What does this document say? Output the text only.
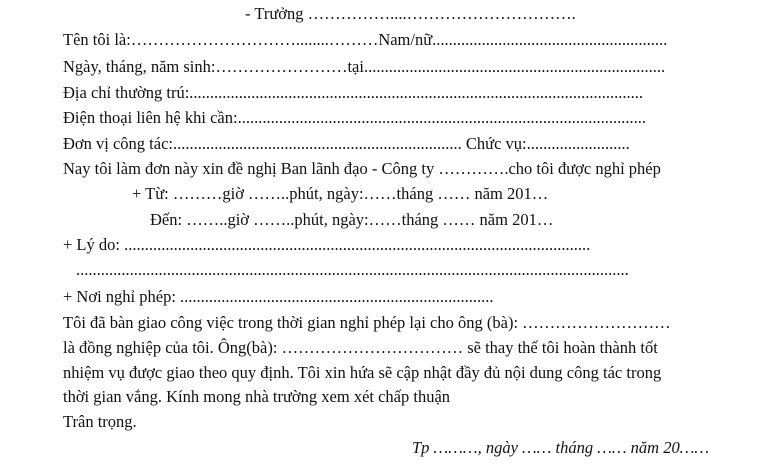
- Trưởng ……………....………………………….
Tên tôi là:…………………………........………Nam/nữ.........................................................
Ngày, tháng, năm sinh:……………………tại.........................................................................
Địa chỉ thường trú:..............................................................................................................
Điện thoại liên hệ khi cần:...................................................................................................
Đơn vị công tác:...................................................................... Chức vụ:.........................
Nay tôi làm đơn này xin đề nghị Ban lãnh đạo - Công ty ………….cho tôi được nghỉ phép
+ Từ: ………giờ ……..phút, ngày:……tháng …… năm 201…
Đến: ……..giờ ……..phút, ngày:……tháng …… năm 201…
+ Lý do: .................................................................................................................
......................................................................................................................................
+ Nơi nghỉ phép: ............................................................................
Tôi đã bàn giao công việc trong thời gian nghỉ phép lại cho ông (bà): ………………………
là đồng nghiệp của tôi. Ông(bà): …………………………… sẽ thay thế tôi hoàn thành tốt
nhiệm vụ được giao theo quy định. Tôi xin hứa sẽ cập nhật đầy đủ nội dung công tác trong
thời gian vắng. Kính mong nhà trường xem xét chấp thuận
Trân trọng.
Tp ………, ngày …… tháng …… năm 20……
